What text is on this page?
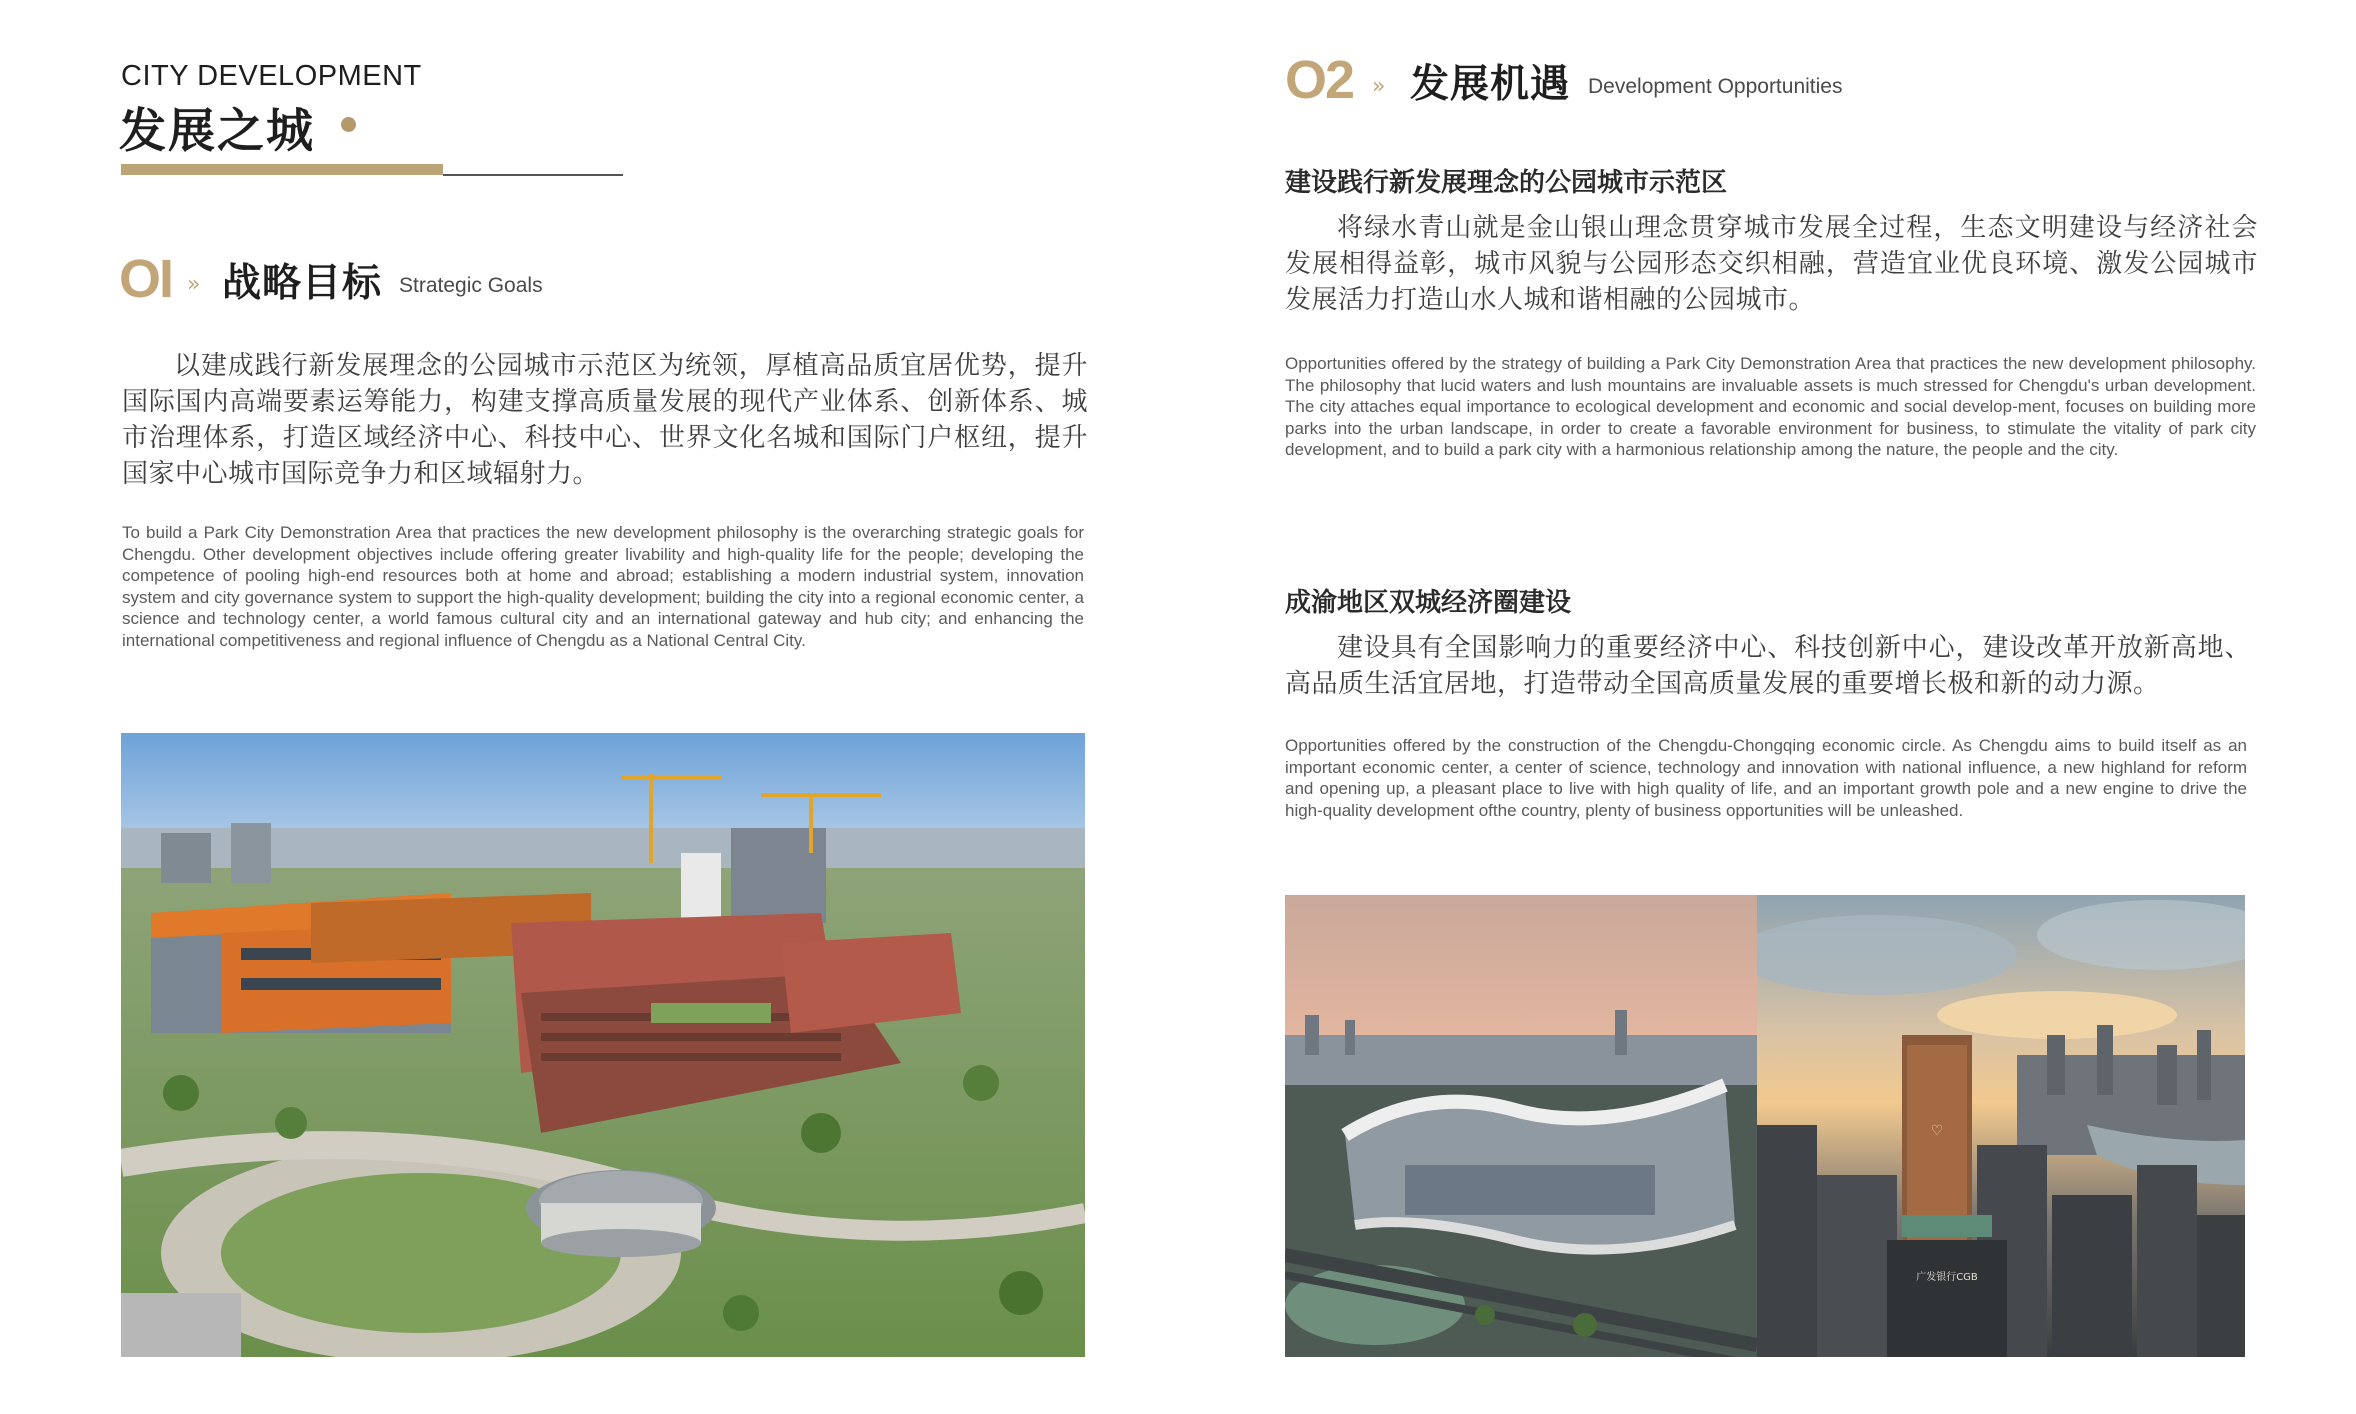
CITY DEVELOPMENT
发展之城
OI » 战略目标 Strategic Goals

以建成践行新发展理念的公园城市示范区为统领，厚植高品质宜居优势，提升国际国内高端要素运筹能力，构建支撑高质量发展的现代产业体系、创新体系、城市治理体系，打造区域经济中心、科技中心、世界文化名城和国际门户枢纽，提升国家中心城市国际竞争力和区域辐射力。

To build a Park City Demonstration Area that practices the new development philosophy is the overarching strategic goals for Chengdu. Other development objectives include offering greater livability and high-quality life for the people; developing the competence of pooling high-end resources both at home and abroad; establishing a modern industrial system, innovation system and city governance system to support the high-quality development; building the city into a regional economic center, a science and technology center, a world famous cultural city and an international gateway and hub city; and enhancing the international competitiveness and regional influence of Chengdu as a National Central City.

O2 » 发展机遇 Development Opportunities
建设践行新发展理念的公园城市示范区

将绿水青山就是金山银山理念贯穿城市发展全过程，生态文明建设与经济社会发展相得益彰，城市风貌与公园形态交织相融，营造宜业优良环境、激发公园城市发展活力打造山水人城和谐相融的公园城市。

Opportunities offered by the strategy of building a Park City Demonstration Area that practices the new development philosophy. The philosophy that lucid waters and lush mountains are invaluable assets is much stressed for Chengdu's urban development. The city attaches equal importance to ecological development and economic and social develop-ment, focuses on building more parks into the urban landscape, in order to create a favorable environment for business, to stimulate the vitality of park city development, and to build a park city with a harmonious relationship among the nature, the people and the city.

成渝地区双城经济圈建设

建设具有全国影响力的重要经济中心、科技创新中心，建设改革开放新高地、高品质生活宜居地，打造带动全国高质量发展的重要增长极和新的动力源。

Opportunities offered by the construction of the Chengdu-Chongqing economic circle. As Chengdu aims to build itself as an important economic center, a center of science, technology and innovation with national influence, a new highland for reform and opening up, a pleasant place to live with high quality of life, and an important growth pole and a new engine to drive the high-quality development ofthe country, plenty of business opportunities will be unleashed.

♡
广发银行CGB
